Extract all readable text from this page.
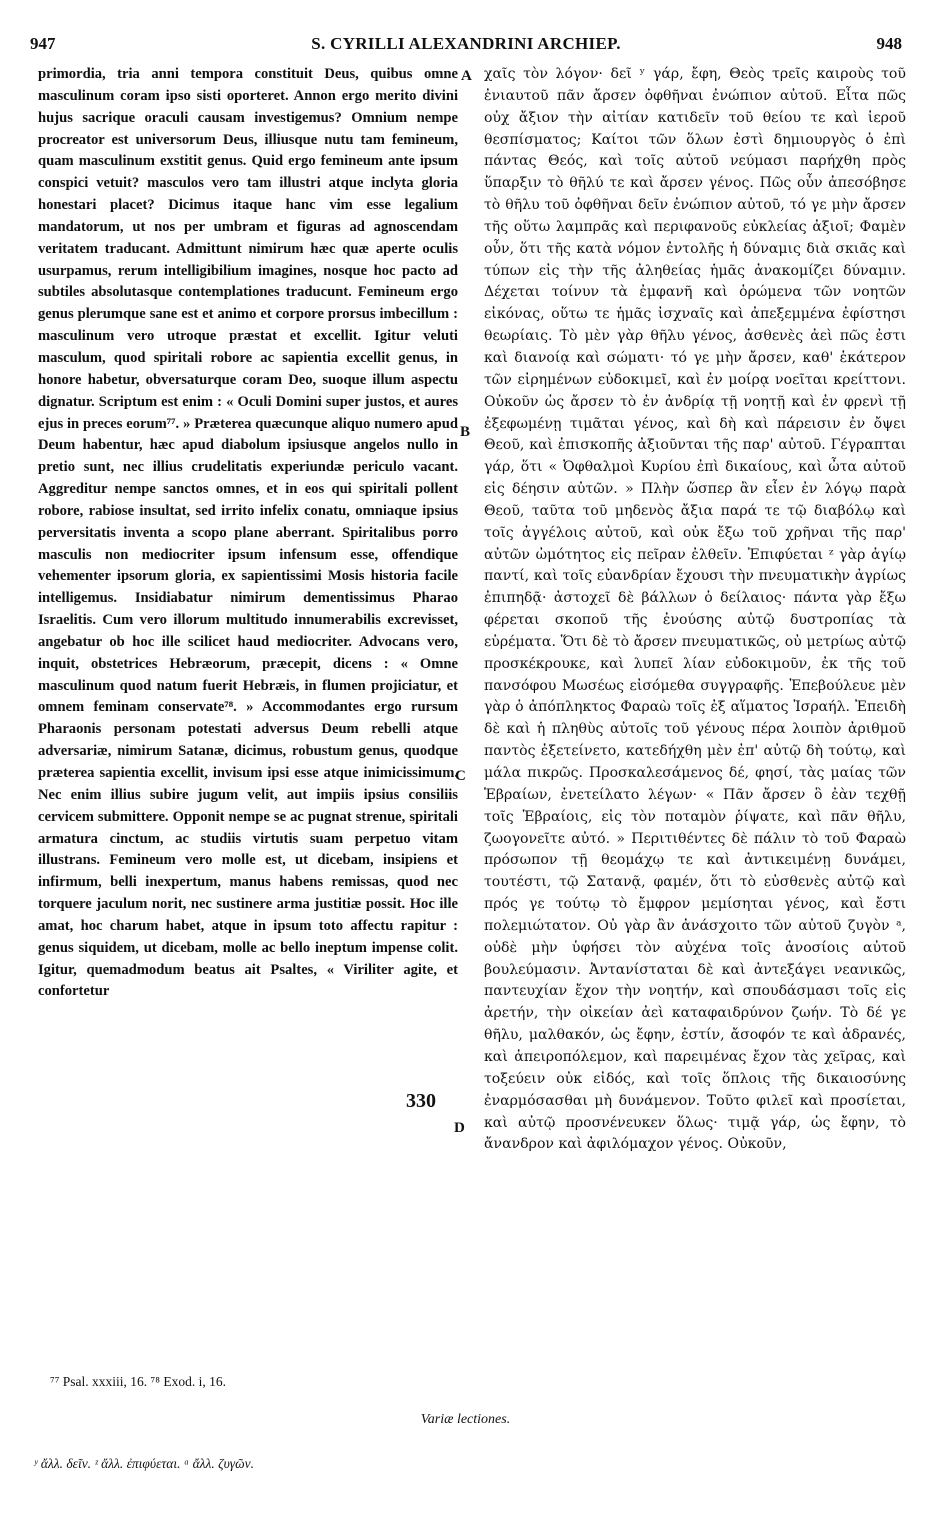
947	S. CYRILLI ALEXANDRINI ARCHIEP.	948

primordia, tria anni tempora constituit Deus, quibus omne masculinum coram ipso sisti oporteret. Annon ergo merito divini hujus sacrique oraculi causam investigemus? Omnium nempe procreator est universorum Deus, illiusque nutu tam femineum, quam masculinum exstitit genus. Quid ergo femineum ante ipsum conspici vetuit? masculos vero tam illustri atque inclyta gloria honestari placet? Dicimus itaque hanc vim esse legalium mandatorum, ut nos per umbram et figuras ad agnoscendam veritatem traducant. Admittunt nimirum hæc quæ aperte oculis usurpamus, rerum intelligibilium imagines, nosque hoc pacto ad subtiles absolutasque contemplationes traducunt. Femineum ergo genus plerumque sane est et animo et corpore prorsus imbecillum : masculinum vero utroque præstat et excellit. Igitur veluti masculum, quod spiritali robore ac sapientia excellit genus, in honore habetur, obversaturque coram Deo, suoque illum aspectu dignatur. Scriptum est enim : « Oculi Domini super justos, et aures ejus in preces eorum⁷⁷. » Præterea quæcunque aliquo numero apud Deum habentur, hæc apud diabolum ipsiusque angelos nullo in pretio sunt, nec illius crudelitatis experiundæ periculo vacant. Aggreditur nempe sanctos omnes, et in eos qui spiritali pollent robore, rabiose insultat, sed irrito infelix conatu, omniaque ipsius perversitatis inventa a scopo plane aberrant. Spiritalibus porro masculis non mediocriter ipsum infensum esse, offendique vehementer ipsorum gloria, ex sapientissimi Mosis historia facile intelligemus. Insidiabatur nimirum dementissimus Pharao Israelitis. Cum vero illorum multitudo innumerabilis excrevisset, angebatur ob hoc ille scilicet haud mediocriter. Advocans vero, inquit, obstetrices Hebræorum, præcepit, dicens : « Omne masculinum quod natum fuerit Hebræis, in flumen projiciatur, et omnem feminam conservate⁷⁸. » Accommodantes ergo rursum Pharaonis personam potestati adversus Deum rebelli atque adversariæ, nimirum Satanæ, dicimus, robustum genus, quodque præterea sapientia excellit, invisum ipsi esse atque inimicissimum. Nec enim illius subire jugum velit, aut impiis ipsius consiliis cervicem submittere. Opponit nempe se ac pugnat strenue, spiritali armatura cinctum, ac studiis virtutis suam perpetuo vitam illustrans. Femineum vero molle est, ut dicebam, insipiens et infirmum, belli inexpertum, manus habens remissas, quod nec torquere jaculum norit, nec sustinere arma justitiæ possit. Hoc ille amat, hoc charum habet, atque in ipsum toto affectu rapitur : genus siquidem, ut dicebam, molle ac bello ineptum impense colit. Igitur, quemadmodum beatus ait Psaltes, « Viriliter agite, et confortetur

χαῖς τὸν λόγον· δεῖ ʸ γάρ, ἔφη, Θεὸς τρεῖς καιροὺς τοῦ ἐνιαυτοῦ πᾶν ἄρσεν ὀφθῆναι ἐνώπιον αὐτοῦ. Εἶτα πῶς οὐχ ἄξιον τὴν αἰτίαν κατιδεῖν τοῦ θείου τε καὶ ἱεροῦ θεσπίσματος; Καίτοι τῶν ὅλων ἐστὶ δημιουργὸς ὁ ἐπὶ πάντας Θεός, καὶ τοῖς αὐτοῦ νεύμασι παρήχθη πρὸς ὕπαρξιν τὸ θῆλύ τε καὶ ἄρσεν γένος. Πῶς οὖν ἀπεσόβησε τὸ θῆλυ τοῦ ὀφθῆναι δεῖν ἐνώπιον αὐτοῦ, τό γε μὴν ἄρσεν τῆς οὕτω λαμπρᾶς καὶ περιφανοῦς εὐκλείας ἀξιοῖ; Φαμὲν οὖν, ὅτι τῆς κατὰ νόμον ἐντολῆς ἡ δύναμις διὰ σκιᾶς καὶ τύπων εἰς τὴν τῆς ἀληθείας ἡμᾶς ἀνακομίζει δύναμιν. Δέχεται τοίνυν τὰ ἐμφανῆ καὶ ὁρώμενα τῶν νοητῶν εἰκόνας, οὕτω τε ἡμᾶς ἰσχναῖς καὶ ἀπεξεμμένα ἐφίστησι θεωρίαις. Τὸ μὲν γὰρ θῆλυ γένος, ἀσθενὲς ἀεὶ πῶς ἐστι καὶ διανοίᾳ καὶ σώματι· τό γε μὴν ἄρσεν, καθ' ἑκάτερον τῶν εἰρημένων εὐδοκιμεῖ, καὶ ἐν μοίρᾳ νοεῖται κρείττονι. Οὐκοῦν ὡς ἄρσεν τὸ ἐν ἀνδρίᾳ τῇ νοητῇ καὶ ἐν φρενὶ τῇ ἐξεφωμένῃ τιμᾶται γένος, καὶ δὴ καὶ πάρεισιν ἐν ὄψει Θεοῦ, καὶ ἐπισκοπῆς ἀξιοῦνται τῆς παρ' αὐτοῦ. Γέγραπται γάρ, ὅτι « Ὀφθαλμοὶ Κυρίου ἐπὶ δικαίους, καὶ ὦτα αὐτοῦ εἰς δέησιν αὐτῶν. » Πλὴν ὥσπερ ἂν εἶεν ἐν λόγῳ παρὰ Θεοῦ, ταῦτα τοῦ μηδενὸς ἄξια παρά τε τῷ διαβόλῳ καὶ τοῖς ἀγγέλοις αὐτοῦ, καὶ οὐκ ἔξω τοῦ χρῆναι τῆς παρ' αὐτῶν ὠμότητος εἰς πεῖραν ἐλθεῖν. Ἐπιφύεται ᶻ γὰρ ἁγίῳ παντί, καὶ τοῖς εὐανδρίαν ἔχουσι τὴν πνευματικὴν ἀγρίως ἐπιπηδᾷ· ἀστοχεῖ δὲ βάλλων ὁ δείλαιος· πάντα γὰρ ἔξω φέρεται σκοποῦ τῆς ἐνούσης αὐτῷ δυστροπίας τὰ εὑρέματα. Ὅτι δὲ τὸ ἄρσεν πνευματικῶς, οὐ μετρίως αὐτῷ προσκέκρουκε, καὶ λυπεῖ λίαν εὐδοκιμοῦν, ἐκ τῆς τοῦ πανσόφου Μωσέως εἰσόμεθα συγγραφῆς. Ἐπεβούλευε μὲν γὰρ ὁ ἀπόπληκτος Φαραὼ τοῖς ἐξ αἵματος Ἰσραήλ. Ἐπειδὴ δὲ καὶ ἡ πληθὺς αὐτοῖς τοῦ γένους πέρα λοιπὸν ἀριθμοῦ παντὸς ἐξετείνετο, κατεδήχθη μὲν ἐπ' αὐτῷ δὴ τούτῳ, καὶ μάλα πικρῶς. Προσκαλεσάμενος δέ, φησί, τὰς μαίας τῶν Ἑβραίων, ἐνετείλατο λέγων· « Πᾶν ἄρσεν ὃ ἐὰν τεχθῇ τοῖς Ἑβραίοις, εἰς τὸν ποταμὸν ῥίψατε, καὶ πᾶν θῆλυ, ζωογονεῖτε αὐτό. » Περιτιθέντες δὲ πάλιν τὸ τοῦ Φαραὼ πρόσωπον τῇ θεομάχῳ τε καὶ ἀντικειμένῃ δυνάμει, τουτέστι, τῷ Σατανᾷ, φαμέν, ὅτι τὸ εὐσθενὲς αὐτῷ καὶ πρός γε τούτῳ τὸ ἔμφρον μεμίσηται γένος, καὶ ἔστι πολεμιώτατον. Οὐ γὰρ ἂν ἀνάσχοιτο τῶν αὐτοῦ ζυγὸν ᵃ, οὐδὲ μὴν ὑφήσει τὸν αὐχένα τοῖς ἀνοσίοις αὐτοῦ βουλεύμασιν. Ἀντανίσταται δὲ καὶ ἀντεξάγει νεανικῶς, παντευχίαν ἔχον τὴν νοητήν, καὶ σπουδάσμασι τοῖς εἰς ἀρετήν, τὴν οἰκείαν ἀεὶ καταφαιδρύνον ζωήν. Τὸ δέ γε θῆλυ, μαλθακόν, ὡς ἔφην, ἐστίν, ἄσοφόν τε καὶ ἀδρανές, καὶ ἀπειροπόλεμον, καὶ παρειμένας ἔχον τὰς χεῖρας, καὶ τοξεύειν οὐκ εἰδός, καὶ τοῖς ὅπλοις τῆς δικαιοσύνης ἐναρμόσασθαι μὴ δυνάμενον. Τοῦτο φιλεῖ καὶ προσίεται, καὶ αὐτῷ προσνένευκεν ὅλως· τιμᾷ γάρ, ὡς ἔφην, τὸ ἄνανδρον καὶ ἀφιλόμαχον γένος. Οὐκοῦν,

A
B
C
D
330
⁷⁷ Psal. xxxiii, 16. ⁷⁸ Exod. i, 16.
Variæ lectiones.
ʸ ἄλλ. δεῖν. ᶻ ἄλλ. ἐπιφύεται. ᵃ ἄλλ. ζυγῶν.
